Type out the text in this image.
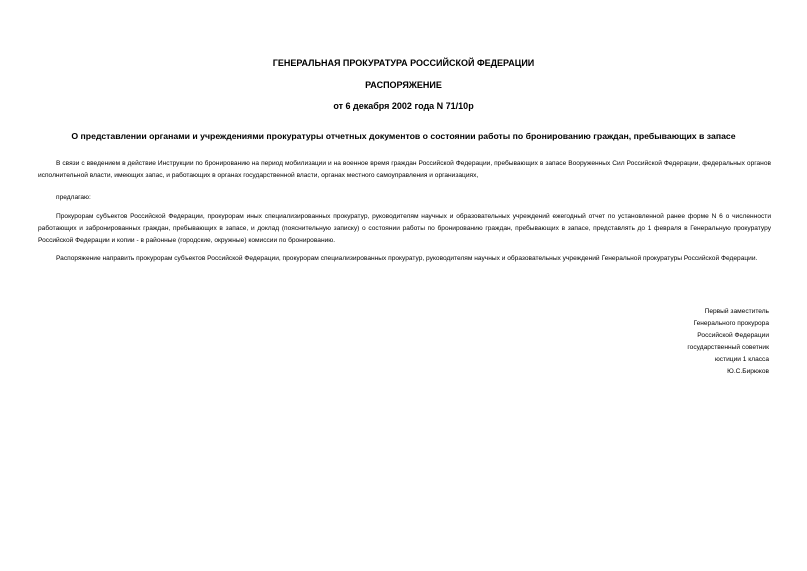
ГЕНЕРАЛЬНАЯ ПРОКУРАТУРА РОССИЙСКОЙ ФЕДЕРАЦИИ
РАСПОРЯЖЕНИЕ
от 6 декабря 2002 года N 71/10р
О представлении органами и учреждениями прокуратуры отчетных документов о состоянии работы по бронированию граждан, пребывающих в запасе

В связи с введением в действие Инструкции по бронированию на период мобилизации и на военное время граждан Российской Федерации, пребывающих в запасе Вооруженных Сил Российской Федерации, федеральных органов исполнительной власти, имеющих запас, и работающих в органах государственной власти, органах местного самоуправления и организациях,

предлагаю:

Прокурорам субъектов Российской Федерации, прокурорам иных специализированных прокуратур, руководителям научных и образовательных учреждений ежегодный отчет по установленной ранее форме N 6 о численности работающих и забронированных граждан, пребывающих в запасе, и доклад (пояснительную записку) о состоянии работы по бронированию граждан, пребывающих в запасе, представлять до 1 февраля в Генеральную прокуратуру Российской Федерации и копии - в районные (городские, окружные) комиссии по бронированию.

Распоряжение направить прокурорам субъектов Российской Федерации, прокурорам специализированных прокуратур, руководителям научных и образовательных учреждений Генеральной прокуратуры Российской Федерации.

Первый заместитель
Генерального прокурора
Российской Федерации
государственный советник
юстиции 1 класса
Ю.С.Бирюков
